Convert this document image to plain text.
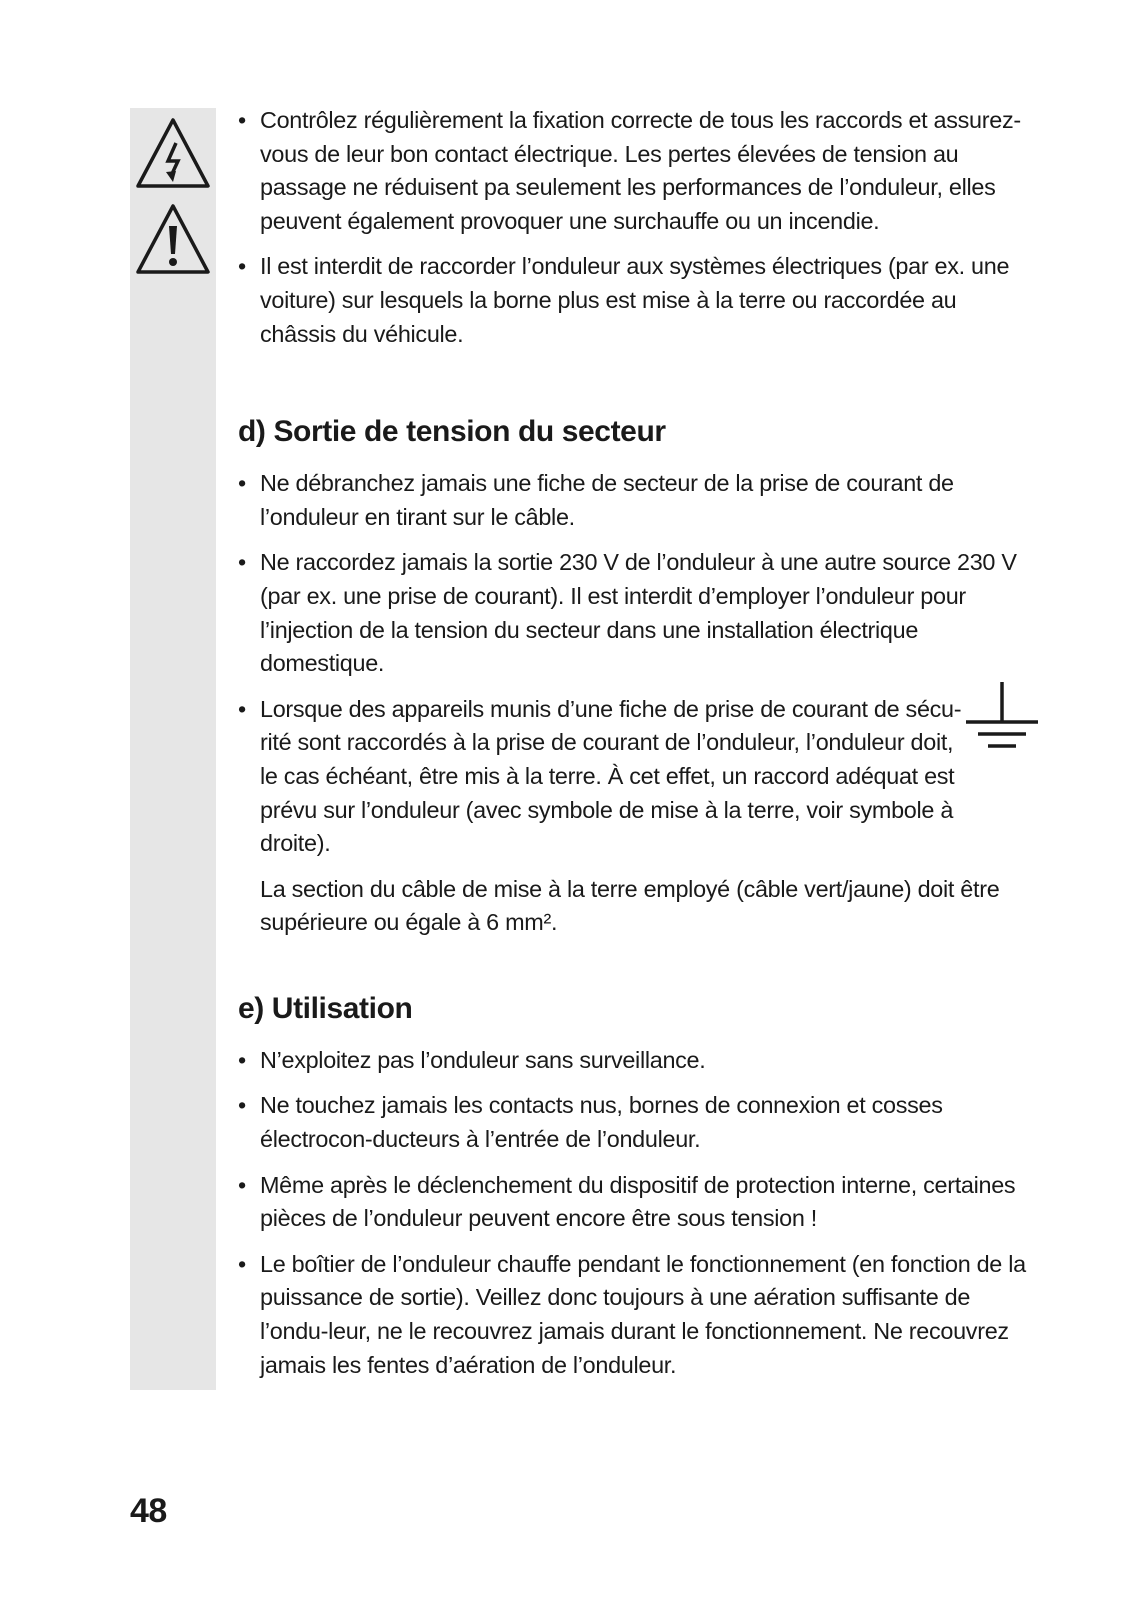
• Contrôlez régulièrement la fixation correcte de tous les raccords et assurez-vous de leur bon contact électrique. Les pertes élevées de tension au passage ne réduisent pa seulement les performances de l’onduleur, elles peuvent également provoquer une surchauffe ou un incendie.
• Il est interdit de raccorder l’onduleur aux systèmes électriques (par ex. une voiture) sur lesquels la borne plus est mise à la terre ou raccordée au châssis du véhicule.
d) Sortie de tension du secteur
• Ne débranchez jamais une fiche de secteur de la prise de courant de l’onduleur en tirant sur le câble.
• Ne raccordez jamais la sortie 230 V de l’onduleur à une autre source 230 V (par ex. une prise de courant). Il est interdit d’employer l’onduleur pour l’injection de la tension du secteur dans une installation électrique domestique.
• Lorsque des appareils munis d’une fiche de prise de courant de sécu-rité sont raccordés à la prise de courant de l’onduleur, l’onduleur doit, le cas échéant, être mis à la terre. À cet effet, un raccord adéquat est prévu sur l’onduleur (avec symbole de mise à la terre, voir symbole à droite).
La section du câble de mise à la terre employé (câble vert/jaune) doit être supérieure ou égale à 6 mm².
e) Utilisation
• N’exploitez pas l’onduleur sans surveillance.
• Ne touchez jamais les contacts nus, bornes de connexion et cosses électrocon-ducteurs à l’entrée de l’onduleur.
• Même après le déclenchement du dispositif de protection interne, certaines pièces de l’onduleur peuvent encore être sous tension !
• Le boîtier de l’onduleur chauffe pendant le fonctionnement (en fonction de la puissance de sortie). Veillez donc toujours à une aération suffisante de l’ondu-leur, ne le recouvrez jamais durant le fonctionnement. Ne recouvrez jamais les fentes d’aération de l’onduleur.
48
